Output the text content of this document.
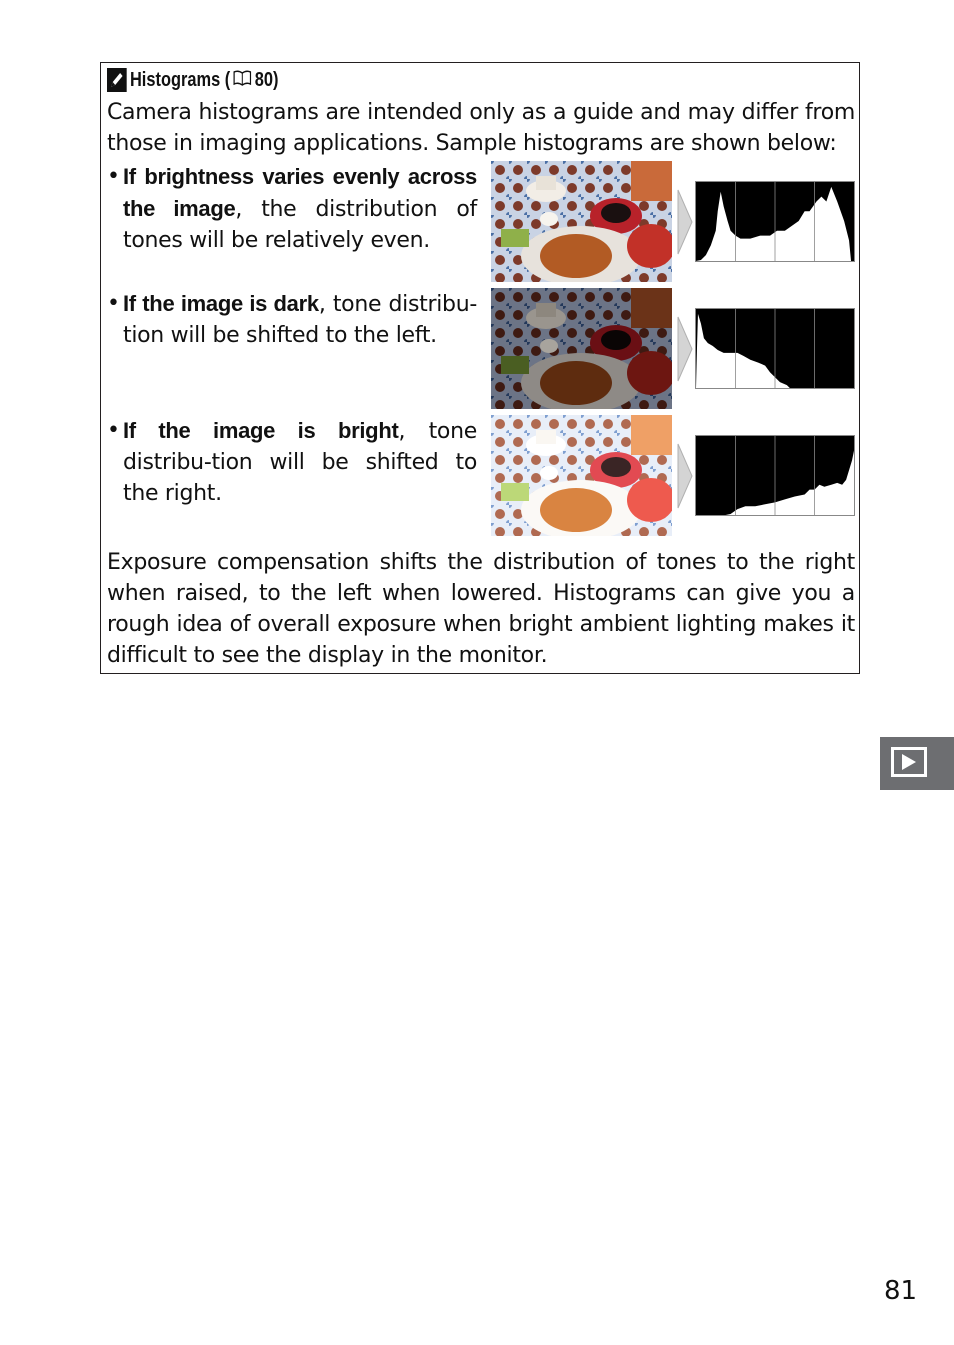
Histograms ( 80)
Camera histograms are intended only as a guide and may differ from those in imaging applications. Sample histograms are shown below:
• If brightness varies evenly across the image, the distribution of tones will be relatively even.
• If the image is dark, tone distribu-tion will be shifted to the left.
• If the image is bright, tone distribu-tion will be shifted to the right.
Exposure compensation shifts the distribution of tones to the right when raised, to the left when lowered. Histograms can give you a rough idea of overall exposure when bright ambient lighting makes it difficult to see the display in the monitor.
81
